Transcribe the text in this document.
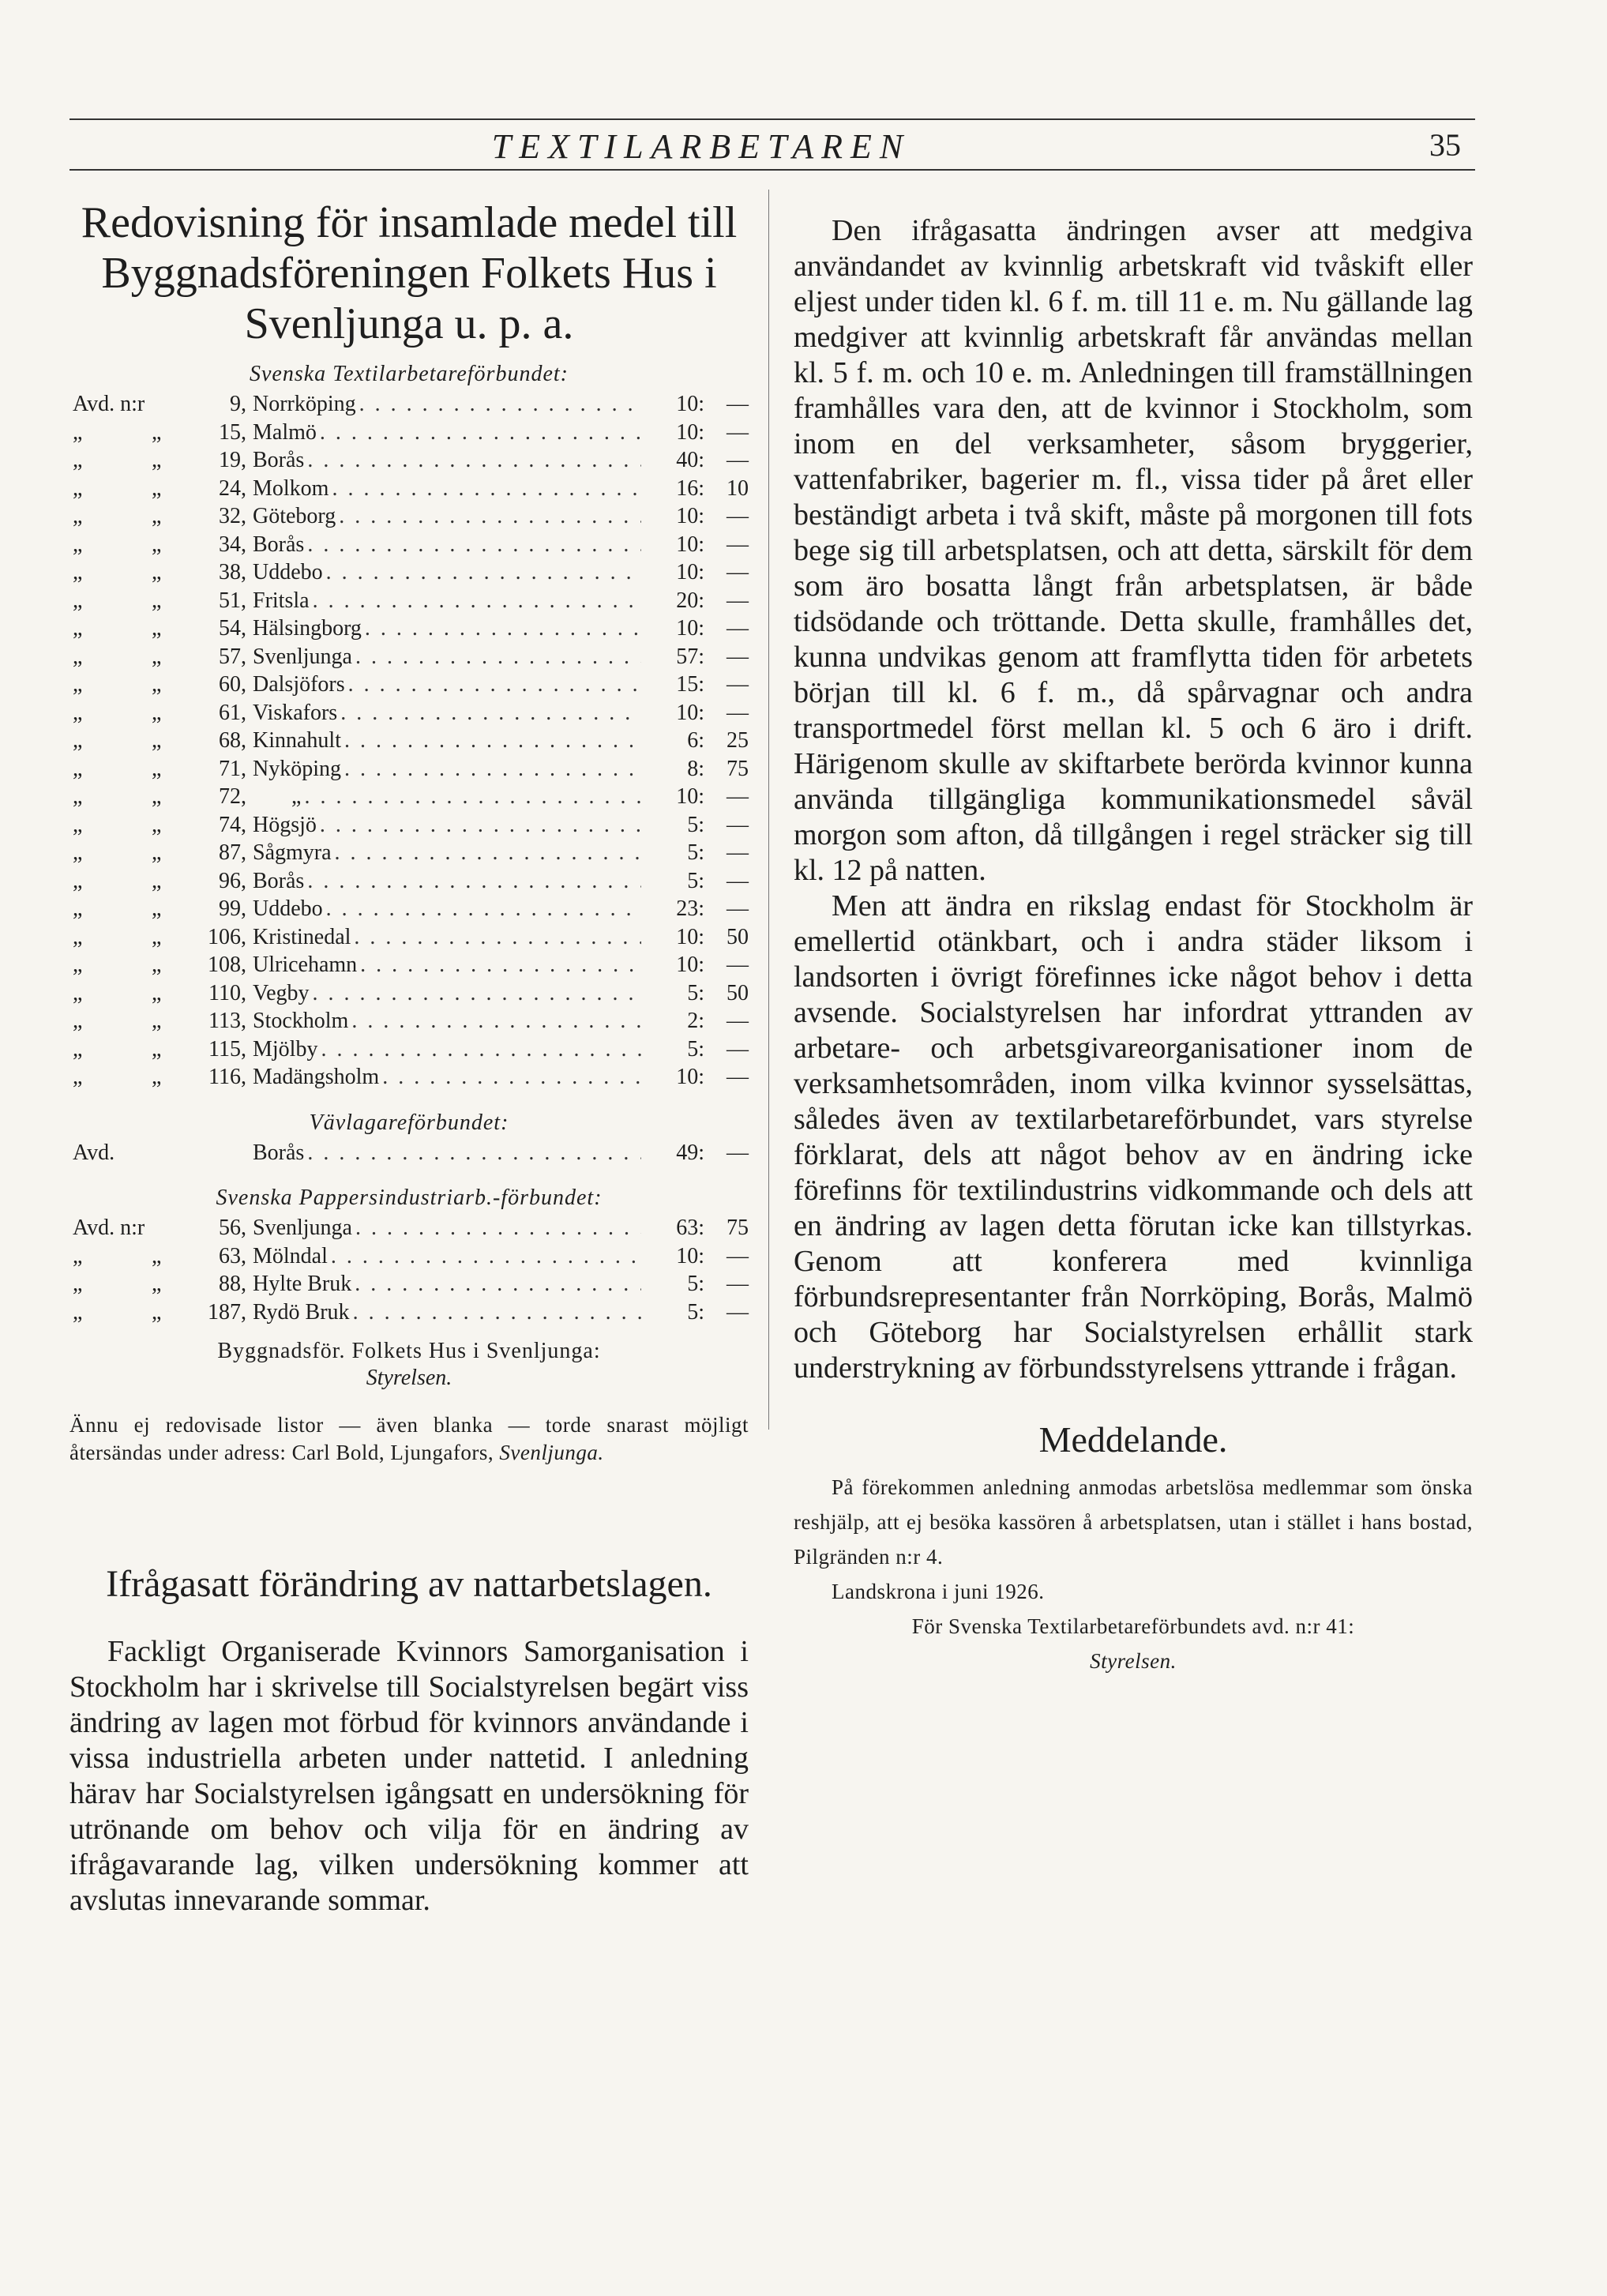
TEXTILARBETAREN	35
Redovisning för insamlade medel till Byggnadsföreningen Folkets Hus i Svenljunga u. p. a.
Svenska Textilarbetareförbundet:
Avd. n:r	9, Norrköping . . .	10:	—
„	„	15, Malmö . . .	10:	—
„	„	19, Borås . . .	40:	—
„	„	24, Molkom . . .	16:	10
„	„	32, Göteborg . . .	10:	—
„	„	34, Borås . . .	10:	—
„	„	38, Uddebo . . .	10:	—
„	„	51, Fritsla . . .	20:	—
„	„	54, Hälsingborg . . .	10:	—
„	„	57, Svenljunga . . .	57:	—
„	„	60, Dalsjöfors . . .	15:	—
„	„	61, Viskafors . . .	10:	—
„	„	68, Kinnahult . . .	6:	25
„	„	71, Nyköping . . .	8:	75
„	„	72, „ . . .	10:	—
„	„	74, Högsjö . . .	5:	—
„	„	87, Sågmyra . . .	5:	—
„	„	96, Borås . . .	5:	—
„	„	99, Uddebo . . .	23:	—
„	„	106, Kristinedal . . .	10:	50
„	„	108, Ulricehamn . . .	10:	—
„	„	110, Vegby . . .	5:	50
„	„	113, Stockholm . . .	2:	—
„	„	115, Mjölby . . .	5:	—
„	„	116, Madängsholm . . .	10:	—
Vävlagareförbundet:
Avd.	Borås . . .	49:	—
Svenska Pappersindustriarb.-förbundet:
Avd. n:r	56, Svenljunga . . .	63:	75
„	„	63, Mölndal . . .	10:	—
„	„	88, Hylte Bruk . . .	5:	—
„	„	187, Rydö Bruk . . .	5:	—
Byggnadsför. Folkets Hus i Svenljunga:
Styrelsen.
Ännu ej redovisade listor — även blanka — torde snarast möjligt återsändas under adress: Carl Bold, Ljungafors, Svenljunga.
Ifrågasatt förändring av nattarbetslagen.

Fackligt Organiserade Kvinnors Samorganisation i Stockholm har i skrivelse till Socialstyrelsen begärt viss ändring av lagen mot förbud för kvinnors användande i vissa industriella arbeten under nattetid. I anledning härav har Socialstyrelsen igångsatt en undersökning för utrönande om behov och vilja för en ändring av ifrågavarande lag, vilken undersökning kommer att avslutas innevarande sommar.

Den ifrågasatta ändringen avser att medgiva användandet av kvinnlig arbetskraft vid tvåskift eller eljest under tiden kl. 6 f. m. till 11 e. m. Nu gällande lag medgiver att kvinnlig arbetskraft får användas mellan kl. 5 f. m. och 10 e. m. Anledningen till framställningen framhålles vara den, att de kvinnor i Stockholm, som inom en del verksamheter, såsom bryggerier, vattenfabriker, bagerier m. fl., vissa tider på året eller beständigt arbeta i två skift, måste på morgonen till fots bege sig till arbetsplatsen, och att detta, särskilt för dem som äro bosatta långt från arbetsplatsen, är både tidsödande och tröttande. Detta skulle, framhålles det, kunna undvikas genom att framflytta tiden för arbetets början till kl. 6 f. m., då spårvagnar och andra transportmedel först mellan kl. 5 och 6 äro i drift. Härigenom skulle av skiftarbete berörda kvinnor kunna använda tillgängliga kommunikationsmedel såväl morgon som afton, då tillgången i regel sträcker sig till kl. 12 på natten.

Men att ändra en rikslag endast för Stockholm är emellertid otänkbart, och i andra städer liksom i landsorten i övrigt förefinnes icke något behov i detta avsende. Socialstyrelsen har infordrat yttranden av arbetare- och arbetsgivareorganisationer inom de verksamhetsområden, inom vilka kvinnor sysselsättas, således även av textilarbetareförbundet, vars styrelse förklarat, dels att något behov av en ändring icke förefinns för textilindustrins vidkommande och dels att en ändring av lagen detta förutan icke kan tillstyrkas. Genom att konferera med kvinnliga förbundsrepresentanter från Norrköping, Borås, Malmö och Göteborg har Socialstyrelsen erhållit stark understrykning av förbundsstyrelsens yttrande i frågan.

Meddelande.

På förekommen anledning anmodas arbetslösa medlemmar som önska reshjälp, att ej besöka kassören å arbetsplatsen, utan i stället i hans bostad, Pilgränden n:r 4.

Landskrona i juni 1926.

För Svenska Textilarbetareförbundets avd. n:r 41:

Styrelsen.
